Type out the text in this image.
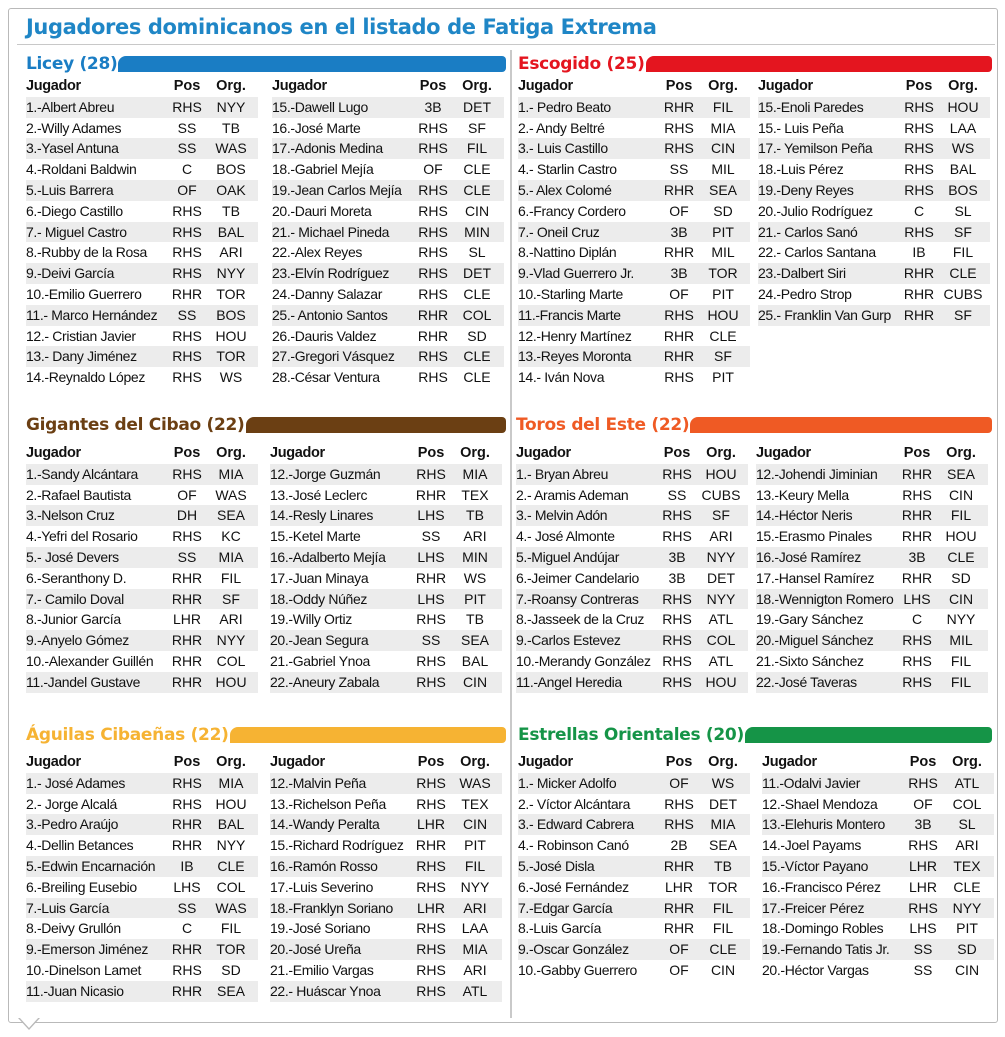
Jugadores dominicanos en el listado de Fatiga Extrema
Licey (28)
Jugador	Pos	Org.
1.-Albert Abreu	RHS	NYY
2.-Willy Adames	SS	TB
3.-Yasel Antuna	SS	WAS
4.-Roldani Baldwin	C	BOS
5.-Luis Barrera	OF	OAK
6.-Diego Castillo	RHS	TB
7.- Miguel Castro	RHS	BAL
8.-Rubby de la Rosa	RHS	ARI
9.-Deivi García	RHS	NYY
10.-Emilio Guerrero	RHR	TOR
11.- Marco Hernández	SS	BOS
12.- Cristian Javier	RHS HOU
13.- Dany Jiménez	RHS	TOR
14.-Reynaldo López	RHS	WS
Jugador	Pos	Org.
15.-Dawell Lugo	3B	DET
16.-José Marte	RHS	SF
17.-Adonis Medina	RHS	FIL
18.-Gabriel Mejía	OF	CLE
19.-Jean Carlos Mejía	RHS	CLE
20.-Dauri Moreta	RHS	CIN
21.- Michael Pineda	RHS	MIN
22.-Alex Reyes	RHS	SL
23.-Elvín Rodríguez	RHS	DET
24.-Danny Salazar	RHS	CLE
25.- Antonio Santos	RHR	COL
26.-Dauris Valdez	RHR	SD
27.-Gregori Vásquez	RHS	CLE
28.-César Ventura	RHS	CLE
Escogido (25)
Jugador	Pos	Org.
1.- Pedro Beato	RHR	FIL
2.- Andy Beltré	RHS	MIA
3.- Luis Castillo	RHS	CIN
4.- Starlin Castro	SS	MIL
5.- Alex Colomé	RHR	SEA
6.-Francy Cordero	OF	SD
7.- Oneil Cruz	3B	PIT
8.-Nattino Diplán	RHR	MIL
9.-Vlad Guerrero Jr.	3B	TOR
10.-Starling Marte	OF	PIT
11.-Francis Marte	RHS HOU
12.-Henry Martínez	RHR	CLE
13.-Reyes Moronta	RHR	SF
14.- Iván Nova	RHS	PIT
Jugador	Pos	Org.
15.-Enoli Paredes	RHS HOU
15.- Luis Peña	RHS	LAA
17.- Yemilson Peña	RHS	WS
18.-Luis Pérez	RHS	BAL
19.-Deny Reyes	RHS	BOS
20.-Julio Rodríguez	C	SL
21.- Carlos Sanó	RHS	SF
22.- Carlos Santana	IB	FIL
23.-Dalbert Siri	RHR	CLE
24.-Pedro Strop	RHR CUBS
25.- Franklin Van Gurp RHR	SF
Gigantes del Cibao (22)
Jugador	Pos	Org.
1.-Sandy Alcántara	RHS	MIA
2.-Rafael Bautista	OF	WAS
3.-Nelson Cruz	DH	SEA
4.-Yefri del Rosario	RHS	KC
5.- José Devers	SS	MIA
6.-Seranthony D.	RHR	FIL
7.- Camilo Doval	RHR	SF
8.-Junior García	LHR	ARI
9.-Anyelo Gómez	RHR	NYY
10.-Alexander Guillén	RHR	COL
11.-Jandel Gustave	RHR HOU
Jugador	Pos	Org.
12.-Jorge Guzmán	RHS	MIA
13.-José Leclerc	RHR	TEX
14.-Resly Linares	LHS	TB
15.-Ketel Marte	SS	ARI
16.-Adalberto Mejía	LHS	MIN
17.-Juan Minaya	RHR	WS
18.-Oddy Núñez	LHS	PIT
19.-Willy Ortiz	RHS	TB
20.-Jean Segura	SS	SEA
21.-Gabriel Ynoa	RHS	BAL
22.-Aneury Zabala	RHS	CIN
Toros del Este (22)
Jugador	Pos	Org.
1.- Bryan Abreu	RHS HOU
2.- Aramis Ademan	SS	CUBS
3.- Melvin Adón	RHS	SF
4.- José Almonte	RHS	ARI
5.-Miguel Andújar	3B	NYY
6.-Jeimer Candelario	3B	DET
7.-Roansy Contreras	RHS	NYY
8.-Jasseek de la Cruz	RHS	ATL
9.-Carlos Estevez	RHS	COL
10.-Merandy González RHS	ATL
11.-Angel Heredia	RHS HOU
Jugador	Pos	Org.
12.-Johendi Jiminian	RHR	SEA
13.-Keury Mella	RHS	CIN
14.-Héctor Neris	RHR	FIL
15.-Erasmo Pinales	RHR HOU
16.-José Ramírez	3B	CLE
17.-Hansel Ramírez	RHR	SD
18.-Wennigton Romero LHS	CIN
19.-Gary Sánchez	C	NYY
20.-Miguel Sánchez	RHS	MIL
21.-Sixto Sánchez	RHS	FIL
22.-José Taveras	RHS	FIL
Águilas Cibaeñas (22)
Jugador	Pos	Org.
1.- José Adames	RHS	MIA
2.- Jorge Alcalá	RHS HOU
3.-Pedro Araújo	RHR	BAL
4.-Dellin Betances	RHR	NYY
5.-Edwin Encarnación	IB	CLE
6.-Breiling Eusebio	LHS	COL
7.-Luis García	SS	WAS
8.-Deivy Grullón	C	FIL
9.-Emerson Jiménez	RHR	TOR
10.-Dinelson Lamet	RHS	SD
11.-Juan Nicasio	RHR	SEA
Jugador	Pos	Org.
12.-Malvin Peña	RHS WAS
13.-Richelson Peña	RHS	TEX
14.-Wandy Peralta	LHR	CIN
15.-Richard Rodríguez RHR	PIT
16.-Ramón Rosso	RHS	FIL
17.-Luis Severino	RHS	NYY
18.-Franklyn Soriano	LHR	ARI
19.-José Soriano	RHS	LAA
20.-José Ureña	RHS	MIA
21.-Emilio Vargas	RHS	ARI
22.- Huáscar Ynoa	RHS	ATL
Estrellas Orientales (20)
Jugador	Pos	Org.
1.- Micker Adolfo	OF	WS
2.- Víctor Alcántara	RHS	DET
3.- Edward Cabrera	RHS	MIA
4.- Robinson Canó	2B	SEA
5.-José Disla	RHR	TB
6.-José Fernández	LHR	TOR
7.-Edgar García	RHR	FIL
8.-Luis García	RHR	FIL
9.-Oscar González	OF	CLE
10.-Gabby Guerrero	OF	CIN
Jugador	Pos	Org.
11.-Odalvi Javier	RHS	ATL
12.-Shael Mendoza	OF	COL
13.-Elehuris Montero	3B	SL
14.-Joel Payams	RHS	ARI
15.-Víctor Payano	LHR	TEX
16.-Francisco Pérez	LHR	CLE
17.-Freicer Pérez	RHS	NYY
18.-Domingo Robles	LHS	PIT
19.-Fernando Tatis Jr.	SS	SD
20.-Héctor Vargas	SS	CIN
